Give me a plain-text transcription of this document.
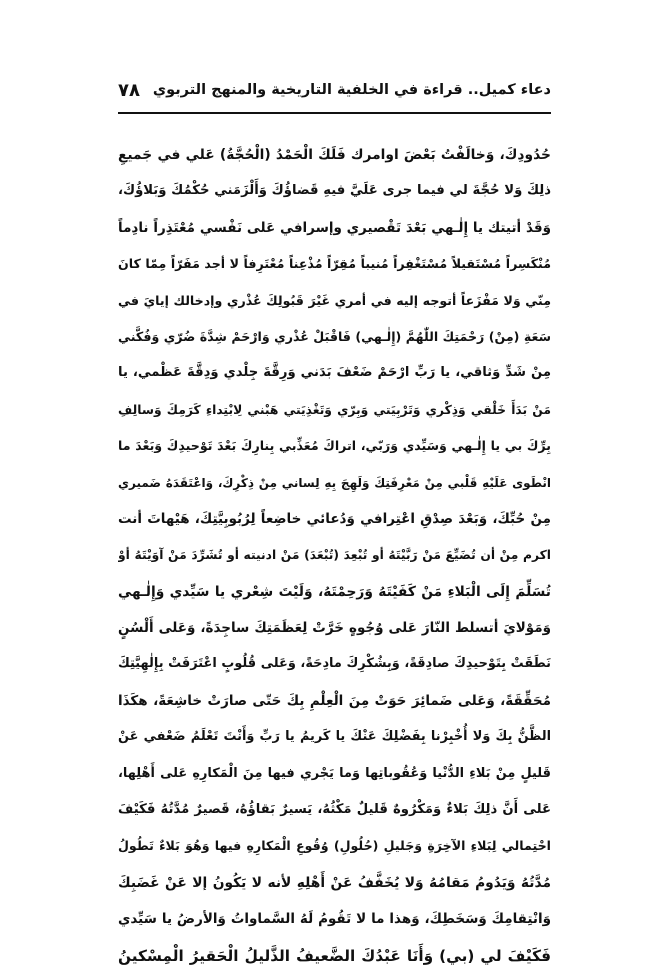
٧٨ دعاء كميل.. قراءة في الخلفية التاريخية والمنهج التربوي
حُدُودِكَ، وَخالَفْتُ بَعْضَ اوامرك فَلَكَ الْحَمْدُ (الْحُجَّةُ) عَلي في جَميعِ
ذلِكَ وَلا حُجَّةَ لي فيما جرى عَلَيَّ فيهِ قَضاؤُكَ وَأَلْزَمَني حُكْمُكَ وَبَلاؤُكَ،
وَقَدْ أتيتك يا إِلٰـهي بَعْدَ تَقْصيري وإسرافي عَلى نَفْسي مُعْتَذِراً نادِماً
مُنْكَسِراً مُسْتَقيلاً مُسْتَغْفِراً مُنيباً مُقِرّاً مُذْعِناً مُعْتَرِفاً لا أجد مَفَرّاً مِمّا كانَ
مِنّي وَلا مَفْزَعاً أتوجه إليه في أمري غَيْرَ قَبُولِكَ عُذْري وإدخالك إيايَ في
سَعَةِ (مِنْ) رَحْمَتِكَ اللّٰهُمَّ (إِلٰـهي) فَاقْبَلْ عُذْري وَارْحَمْ شِدَّةَ ضُرّي وَفُكَّني
مِنْ شَدِّ وَثاقي، يا رَبِّ ارْحَمْ ضَعْفَ بَدَني وَرِقَّةَ جِلْدي وَدِقَّةَ عَظْمي، يا
مَنْ بَدَأَ خَلْقي وَذِكْري وَتَرْبِيَتي وَبِرّي وَتَغْذِيَتي هَبْني لِابْتِداءِ كَرَمِكَ وَسالِفِ
بِرِّكَ بي يا إِلٰـهي وَسَيِّدي وَرَبّي، اتراكَ مُعَذِّبي بِنارِكَ بَعْدَ تَوْحيدِكَ وَبَعْدَ ما
انْطَوى عَلَيْهِ قَلْبي مِنْ مَعْرِفَتِكَ وَلَهِجَ بِهِ لِساني مِنْ ذِكْرِكَ، وَاعْتَقَدَهُ ضَميري
مِنْ حُبِّكَ، وَبَعْدَ صِدْقِ اعْتِرافي وَدُعائي خاضِعاً لِرُبُوبِيَّتِكَ، هَيْهاتَ أنت
اكرم مِنْ أن تُضَيِّعَ مَنْ رَبَّيْتَهُ أو تُبْعِدَ (تُبْعَدَ) مَنْ ادنيته أو تُشَرِّدَ مَنْ آوَيْتَهُ أوْ
تُسَلِّمَ إِلَى الْبَلاءِ مَنْ كَفَيْتَهُ وَرَحِمْتَهُ، وَلَيْتَ شِعْري يا سَيِّدي وَإِلٰـهي
وَمَوْلايَ أتسلط النّارَ عَلى وُجُوهٍ خَرَّتْ لِعَظَمَتِكَ ساجِدَةً، وَعَلى أَلْسُنٍ
نَطَقَتْ بِتَوْحيدِكَ صادِقَةً، وَبِشُكْرِكَ مادِحَةً، وَعَلى قُلُوبٍ اعْتَرَفَتْ بِإِلٰهِيَّتِكَ
مُحَقِّقَةً، وَعَلى ضَمائِرَ حَوَتْ مِنَ الْعِلْمِ بِكَ حَتّى صارَتْ خاشِعَةً، هكَذَا
الظَّنُّ بِكَ وَلا أُخْبِرْنا بِفَضْلِكَ عَنْكَ يا كَريمُ يا رَبِّ وَأَنْتَ تَعْلَمُ ضَعْفي عَنْ
قَليلٍ مِنْ بَلاءِ الدُّنْيا وَعُقُوباتِها وَما يَجْري فيها مِنَ الْمَكارِهِ عَلى أَهْلِها،
عَلى أَنَّ ذلِكَ بَلاءٌ وَمَكْرُوهٌ قَليلٌ مَكْثُهُ، يَسيرٌ بَقاؤُهُ، قَصيرٌ مُدَّتُهُ فَكَيْفَ
احْتِمالي لِبَلاءِ الآخِرَةِ وَجَليلِ (حُلُولِ) وُقُوعِ الْمَكارِهِ فيها وَهُوَ بَلاءٌ تَطُولُ
مُدَّتُهُ وَيَدُومُ مَقامُهُ وَلا يُخَفَّفُ عَنْ أَهْلِهِ لأنه لا يَكُونُ إلا عَنْ غَضَبِكَ
وَانْتِقامِكَ وَسَخَطِكَ، وَهذا ما لا تَقُومُ لَهُ السَّماواتُ وَالأرضُ يا سَيِّدي
فَكَيْفَ لي (بي) وَأَنَا عَبْدُكَ الضَّعيفُ الذَّليلُ الْحَقيرُ الْمِسْكينُ
